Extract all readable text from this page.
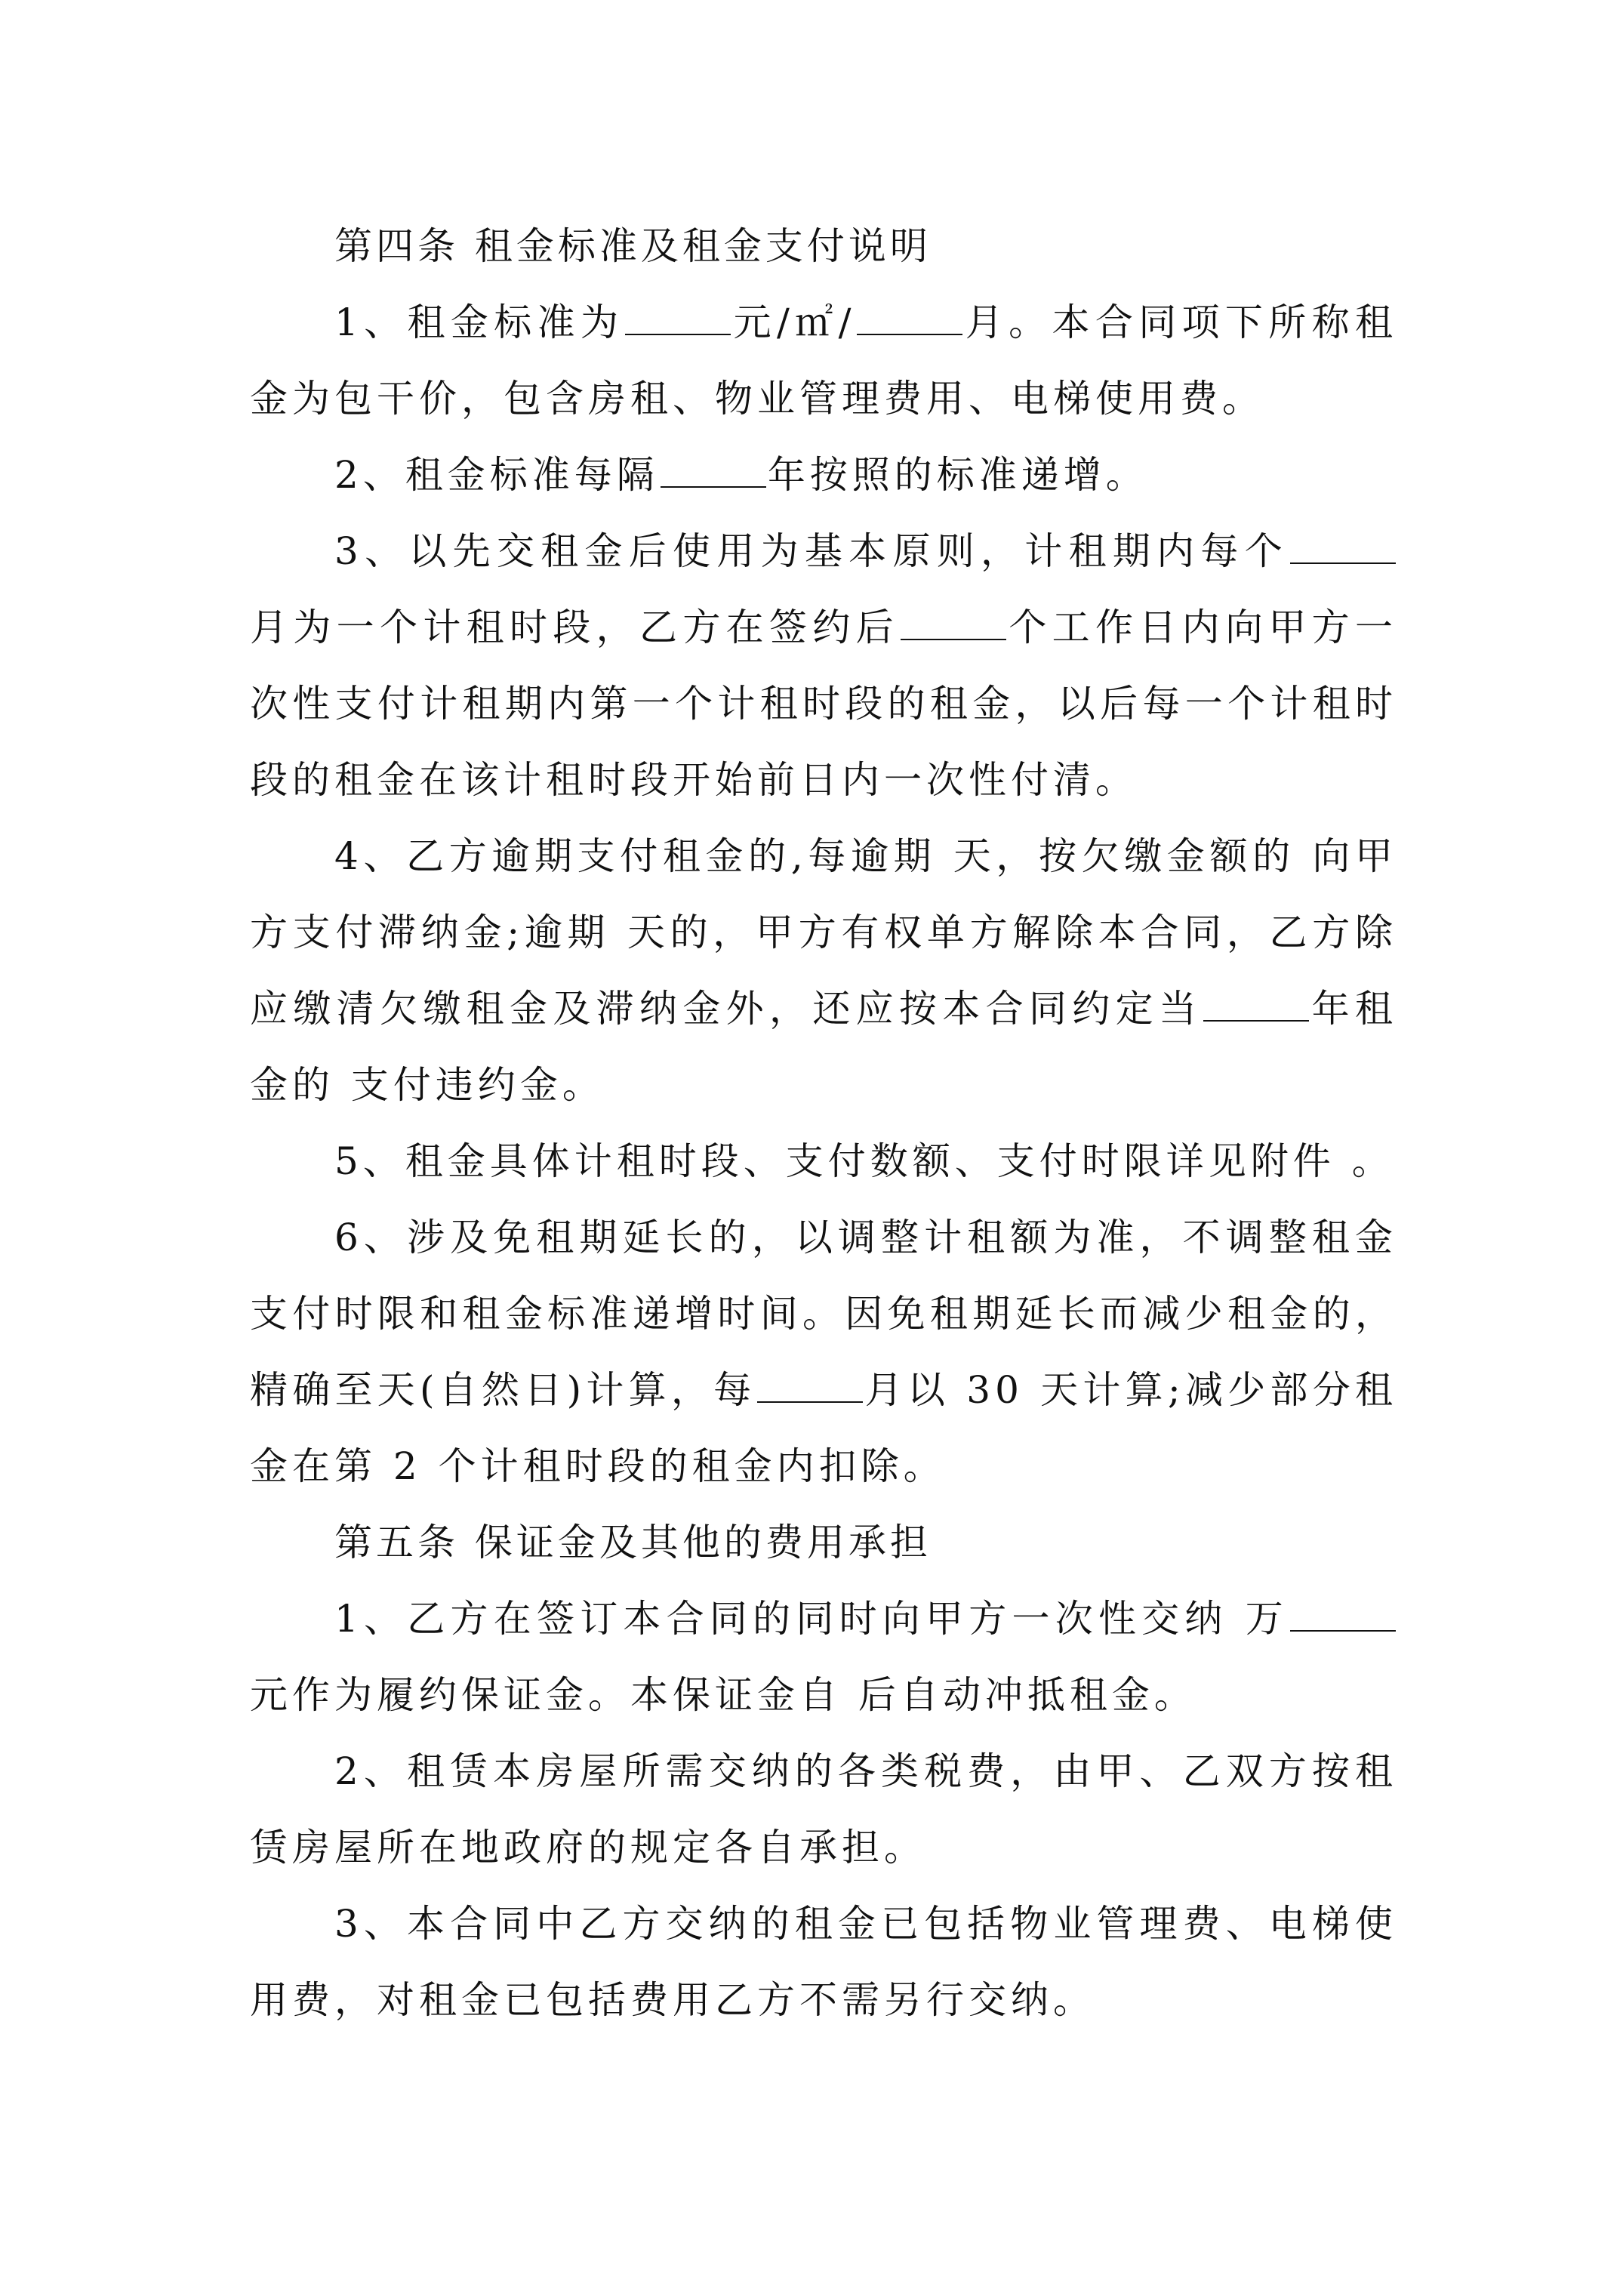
第四条 租金标准及租金支付说明

1、租金标准为	元/㎡/	月。本合同项下所称租金为包干价，包含房租、物业管理费用、电梯使用费。

2、租金标准每隔	年按照的标准递增。

3、以先交租金后使用为基本原则，计租期内每个月为一个计租时段，乙方在签约后	个工作日内向甲方一次性支付计租期内第一个计租时段的租金，以后每一个计租时段的租金在该计租时段开始前日内一次性付清。

4、乙方逾期支付租金的,每逾期 天，按欠缴金额的 向甲方支付滞纳金;逾期 天的，甲方有权单方解除本合同，乙方除应缴清欠缴租金及滞纳金外，还应按本合同约定当	年租金的 支付违约金。

5、租金具体计租时段、支付数额、支付时限详见附件 。

6、涉及免租期延长的，以调整计租额为准，不调整租金支付时限和租金标准递增时间。因免租期延长而减少租金的，精确至天(自然日)计算，每	月以 30 天计算;减少部分租金在第 2 个计租时段的租金内扣除。

第五条 保证金及其他的费用承担

1、乙方在签订本合同的同时向甲方一次性交纳 万元作为履约保证金。本保证金自 后自动冲抵租金。

2、租赁本房屋所需交纳的各类税费，由甲、乙双方按租赁房屋所在地政府的规定各自承担。

3、本合同中乙方交纳的租金已包括物业管理费、电梯使用费，对租金已包括费用乙方不需另行交纳。
